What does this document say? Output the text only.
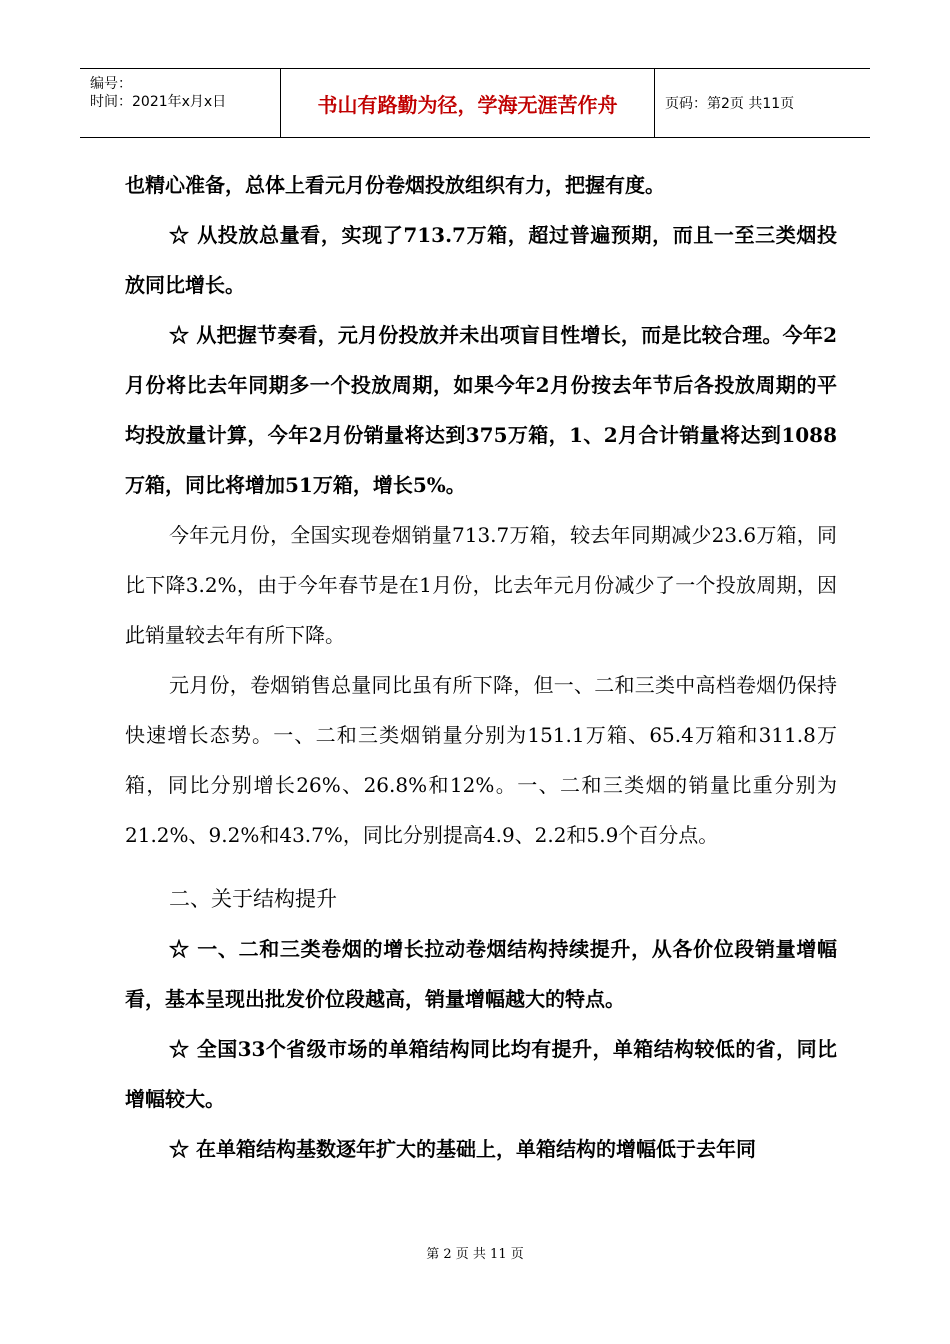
编号：
时间：2021年x月x日	书山有路勤为径，学海无涯苦作舟	页码：第2页 共11页

也精心准备，总体上看元月份卷烟投放组织有力，把握有度。

☆ 从投放总量看，实现了713.7万箱，超过普遍预期，而且一至三类烟投放同比增长。

☆ 从把握节奏看，元月份投放并未出项盲目性增长，而是比较合理。今年2月份将比去年同期多一个投放周期，如果今年2月份按去年节后各投放周期的平均投放量计算，今年2月份销量将达到375万箱，1、2月合计销量将达到1088万箱，同比将增加51万箱，增长5%。

今年元月份，全国实现卷烟销量713.7万箱，较去年同期减少23.6万箱，同比下降3.2%，由于今年春节是在1月份，比去年元月份减少了一个投放周期，因此销量较去年有所下降。

元月份，卷烟销售总量同比虽有所下降，但一、二和三类中高档卷烟仍保持快速增长态势。一、二和三类烟销量分别为151.1万箱、65.4万箱和311.8万箱，同比分别增长26%、26.8%和12%。一、二和三类烟的销量比重分别为21.2%、9.2%和43.7%，同比分别提高4.9、2.2和5.9个百分点。

二、关于结构提升

☆ 一、二和三类卷烟的增长拉动卷烟结构持续提升，从各价位段销量增幅看，基本呈现出批发价位段越高，销量增幅越大的特点。

☆ 全国33个省级市场的单箱结构同比均有提升，单箱结构较低的省，同比增幅较大。

☆ 在单箱结构基数逐年扩大的基础上，单箱结构的增幅低于去年同

第 2 页 共 11 页
